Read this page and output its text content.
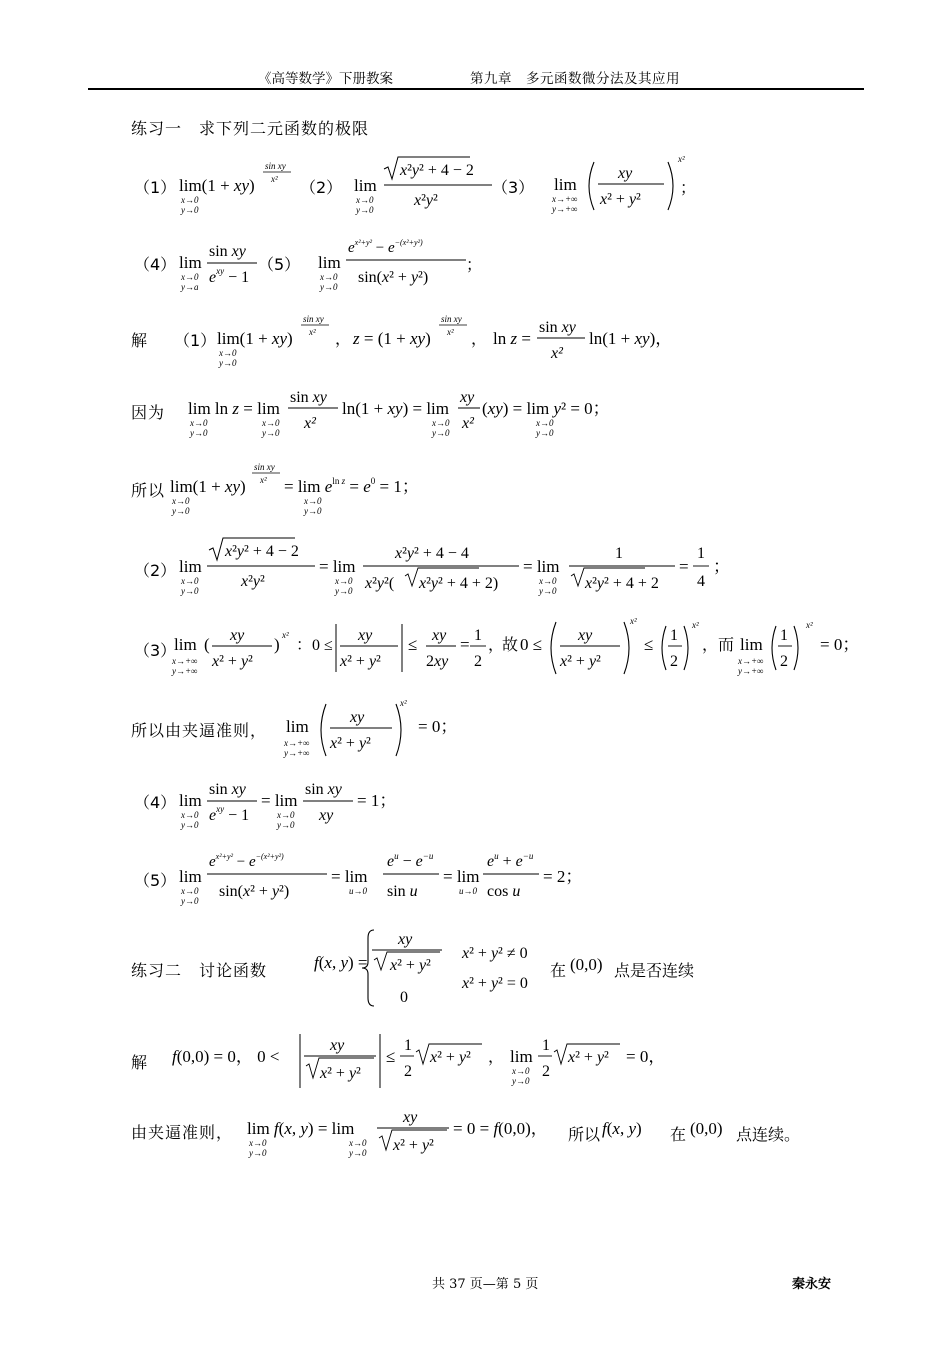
《高等数学》下册教案	第九章　多元函数微分法及其应用
练习一　求下列二元函数的极限
（1） lim(1 + xy)
x→0
y→0
sin xy
x² （2） lim
x→0
y→0
x²y² + 4 − 2
x²y²
（3） lim
x→+∞
y→+∞
xy
x² + y²
x²
；
（4） lim
x→0
y→a
sin xy
$e^{xy} - 1$
（5） lim
x→0
y→0
$e^{x^2+y^2} - e^{-(x^2+y^2)}$
sin(x² + y²)
；
解 （1） lim(1 + xy)
x→0
y→0
sin xy
x² ， z = (1 + xy)
sin xy
x² ， ln z =
sin xy
x²
ln(1 + xy)，
因为 lim ln z = lim
x→0
y→0
x→0
y→0
sin xy
x²
ln(1 + xy) = lim
x→0
y→0
xy
x²
(xy) = lim y² = 0；
x→0
y→0
所以 lim(1 + xy)
x→0
y→0
sin xy
$x^2 = \lim e^{ln z} = e^0 = 1$；
x→0
y→0
（2） lim
x→0
y→0
x²y² + 4 − 2
x²y²
= lim
x→0
y→0
x²y² + 4 − 4
x²y²( x²y² + 4 + 2)
= lim
x→0
y→0
1
x²y² + 4 + 2
=
1
4
；
（3）
lim
x→+∞
y→+∞
( xy
x² + y²
) x²
：0 ≤
xy
x² + y²
≤ xy
2xy
= 1
2
，
故 0 ≤ xy
x² + y²
x²
≤ 1
2
x²
， 而 lim
x→+∞
y→+∞
1
2
x²
= 0；
所以由夹逼准则， lim
x→+∞
y→+∞
xy
x² + y²
x²
= 0；
（4） lim
x→0
y→0
sin xy
$e^{xy} - 1$
= lim
x→0
y→0
sin xy
xy
= 1；
（5） lim
x→0
y→0
$e^{x^2+y^2} - e^{-(x^2+y^2)}$
sin(x² + y²)
= lim
u→0
$e^u - e^{-u}$
sin u
= lim
u→0
$e^u + e^{-u}$
cos u
= 2；
练习二　讨论函数	f(x, y) =
xy
x² + y²
0
x² + y² ≠ 0
x² + y² = 0
在 (0,0) 点是否连续
解 f(0,0) = 0， 0 <
xy
x² + y²
≤
1
2
x² + y² ， lim
x→0
y→0
1
2
x² + y² = 0，
由夹逼准则， lim f(x, y) = lim
x→0
y→0
x→0
y→0
xy
x² + y²
= 0 = f(0,0)， 所以 f(x, y) 在 (0,0) 点连续。
共 37 页—第 5 页	秦永安
